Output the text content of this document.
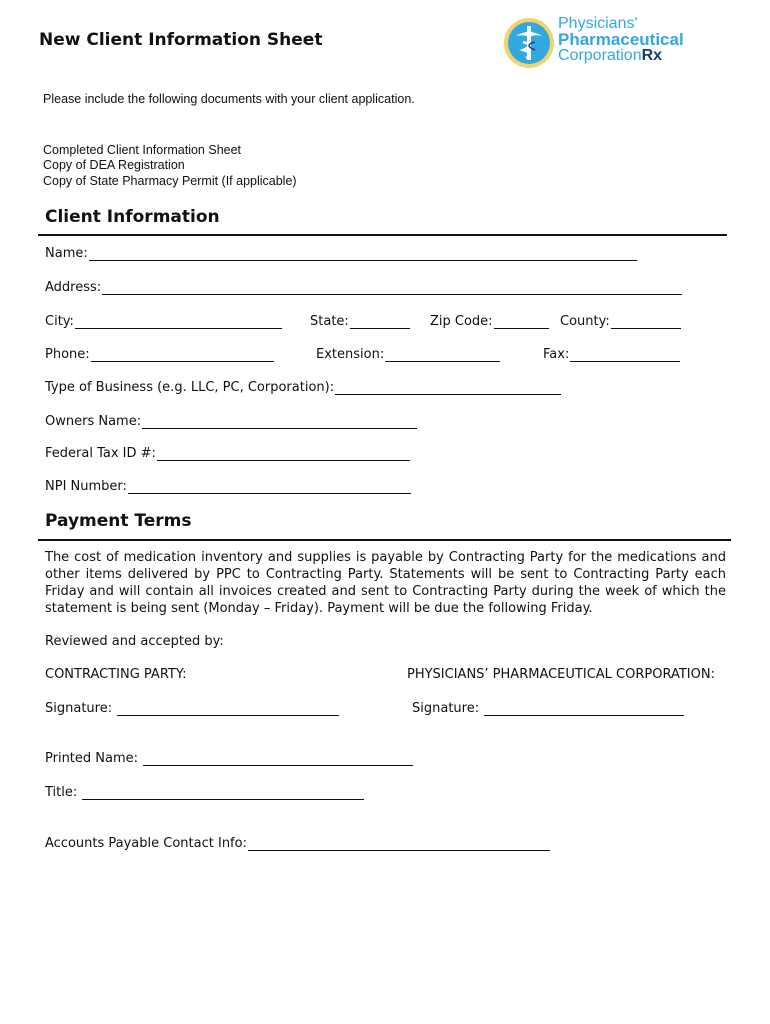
New Client Information Sheet
Physicians'
Pharmaceutical
CorporationRx
Please include the following documents with your client application.
Completed Client Information Sheet
Copy of DEA Registration
Copy of State Pharmacy Permit (If applicable)
Client Information
Name:
Address:
City:	State:	Zip Code:	County:
Phone:	Extension:	Fax:
Type of Business (e.g. LLC, PC, Corporation):
Owners Name:
Federal Tax ID #:
NPI Number:
Payment Terms
The cost of medication inventory and supplies is payable by Contracting Party for the medications and other items delivered by PPC to Contracting Party. Statements will be sent to Contracting Party each Friday and will contain all invoices created and sent to Contracting Party during the week of which the statement is being sent (Monday – Friday). Payment will be due the following Friday.
Reviewed and accepted by:
CONTRACTING PARTY:	PHYSICIANS’ PHARMACEUTICAL CORPORATION:
Signature:	Signature:
Printed Name:
Title:
Accounts Payable Contact Info:
